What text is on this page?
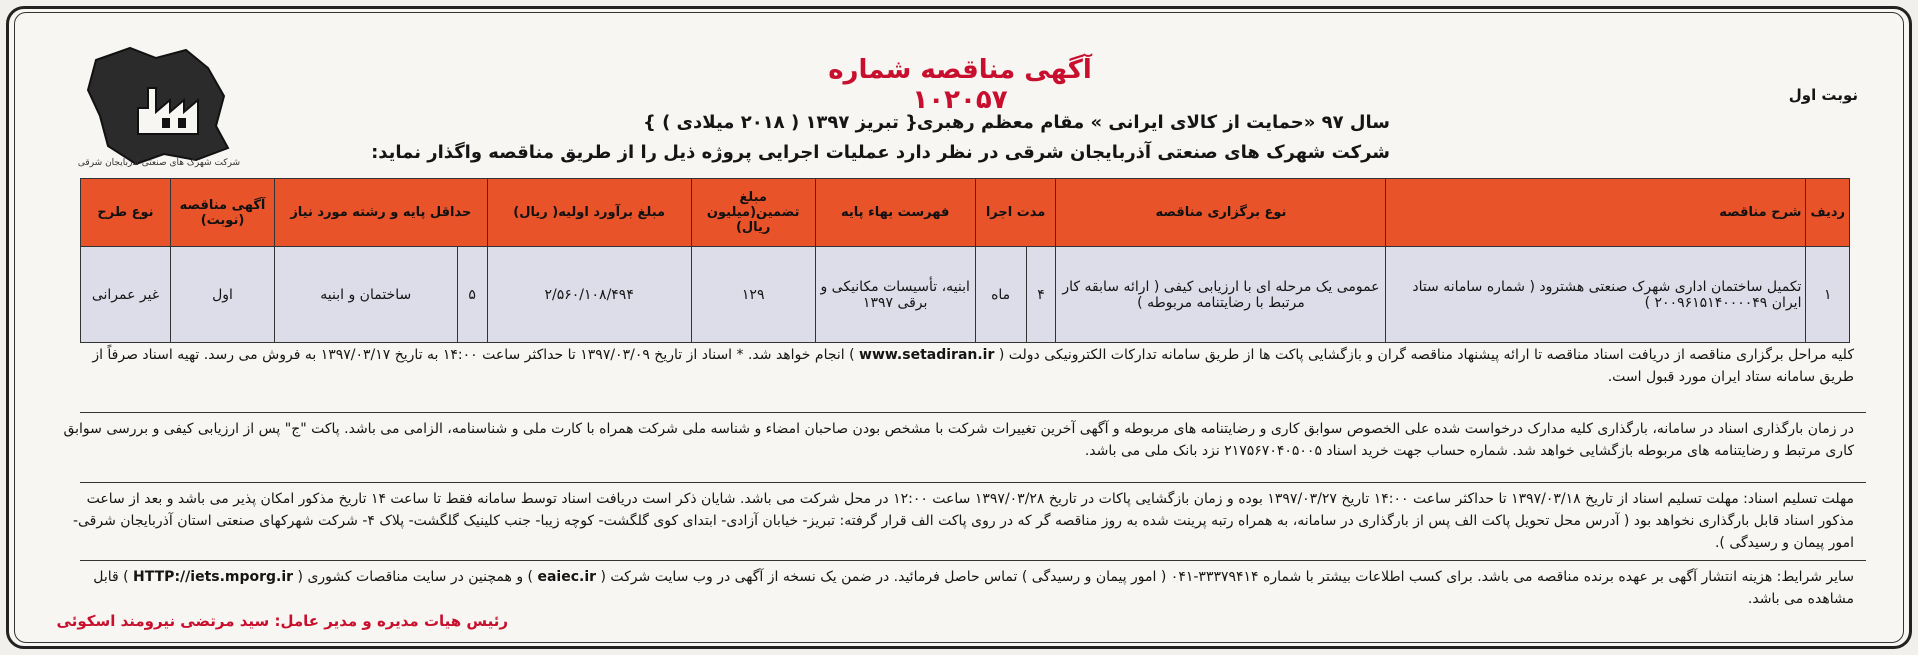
نوبت اول
آگهی مناقصه شماره ۱۰۲۰۵۷
سال ۹۷ «حمایت از کالای ایرانی » مقام معظم رهبری
{ تبریز ۱۳۹۷ ( ۲۰۱۸ میلادی ) }
شرکت شهرک های صنعتی آذربایجان شرقی در نظر دارد عملیات اجرایی پروژه ذیل را از طریق مناقصه واگذار نماید:
شرکت شهرک های صنعتی آذربایجان شرقی
ردیف	شرح مناقصه	نوع برگزاری مناقصه	مدت اجرا		فهرست بهاء پایه	مبلغ تضمین(میلیون ریال)	مبلغ برآورد اولیه( ریال)	حداقل پایه و رشته مورد نیاز		آگهی مناقصه (نوبت)	نوع طرح
۱	تکمیل ساختمان اداری شهرک صنعتی هشترود ( شماره سامانه ستاد ایران ۲۰۰۹۶۱۵۱۴۰۰۰۰۴۹ )	عمومی یک مرحله ای با ارزیابی کیفی ( ارائه سابقه کار مرتبط با رضایتنامه مربوطه )	۴	ماه	ابنیه، تأسیسات مکانیکی و برقی ۱۳۹۷	۱۲۹	۲/۵۶۰/۱۰۸/۴۹۴	۵	ساختمان و ابنیه	اول	غیر عمرانی
کلیه مراحل برگزاری مناقصه از دریافت اسناد مناقصه تا ارائه پیشنهاد مناقصه گران و بازگشایی پاکت ها از طریق سامانه تدارکات الکترونیکی دولت ( www.setadiran.ir ) انجام خواهد شد. * اسناد از تاریخ ۱۳۹۷/۰۳/۰۹ تا حداکثر ساعت ۱۴:۰۰ به تاریخ ۱۳۹۷/۰۳/۱۷ به فروش می رسد. تهیه اسناد صرفاً از طریق سامانه ستاد ایران مورد قبول است.
در زمان بارگذاری اسناد در سامانه، بارگذاری کلیه مدارک درخواست شده علی الخصوص سوابق کاری و رضایتنامه های مربوطه و آگهی آخرین تغییرات شرکت با مشخص بودن صاحبان امضاء و شناسه ملی شرکت همراه با کارت ملی و شناسنامه، الزامی می باشد. پاکت "ج" پس از ارزیابی کیفی و بررسی سوابق کاری مرتبط و رضایتنامه های مربوطه بازگشایی خواهد شد. شماره حساب جهت خرید اسناد ۲۱۷۵۶۷۰۴۰۵۰۰۵ نزد بانک ملی می باشد.
مهلت تسلیم اسناد: مهلت تسلیم اسناد از تاریخ ۱۳۹۷/۰۳/۱۸ تا حداکثر ساعت ۱۴:۰۰ تاریخ ۱۳۹۷/۰۳/۲۷ بوده و زمان بازگشایی پاکات در تاریخ ۱۳۹۷/۰۳/۲۸ ساعت ۱۲:۰۰ در محل شرکت می باشد. شایان ذکر است دریافت اسناد توسط سامانه فقط تا ساعت ۱۴ تاریخ مذکور امکان پذیر می باشد و بعد از ساعت مذکور اسناد قابل بارگذاری نخواهد بود ( آدرس محل تحویل پاکت الف پس از بارگذاری در سامانه، به همراه رتبه پرینت شده به روز مناقصه گر که در روی پاکت الف قرار گرفته: تبریز- خیابان آزادی- ابتدای کوی گلگشت- کوچه زیبا- جنب کلینیک گلگشت- پلاک ۴- شرکت شهرکهای صنعتی استان آذربایجان شرقی- امور پیمان و رسیدگی ).
سایر شرایط: هزینه انتشار آگهی بر عهده برنده مناقصه می باشد. برای کسب اطلاعات بیشتر با شماره ۳۳۳۷۹۴۱۴-۰۴۱ ( امور پیمان و رسیدگی ) تماس حاصل فرمائید. در ضمن یک نسخه از آگهی در وب سایت شرکت ( eaiec.ir ) و همچنین در سایت مناقصات کشوری ( HTTP://iets.mporg.ir ) قابل مشاهده می باشد.
رئیس هیات مدیره و مدیر عامل: سید مرتضی نیرومند اسکوئی
